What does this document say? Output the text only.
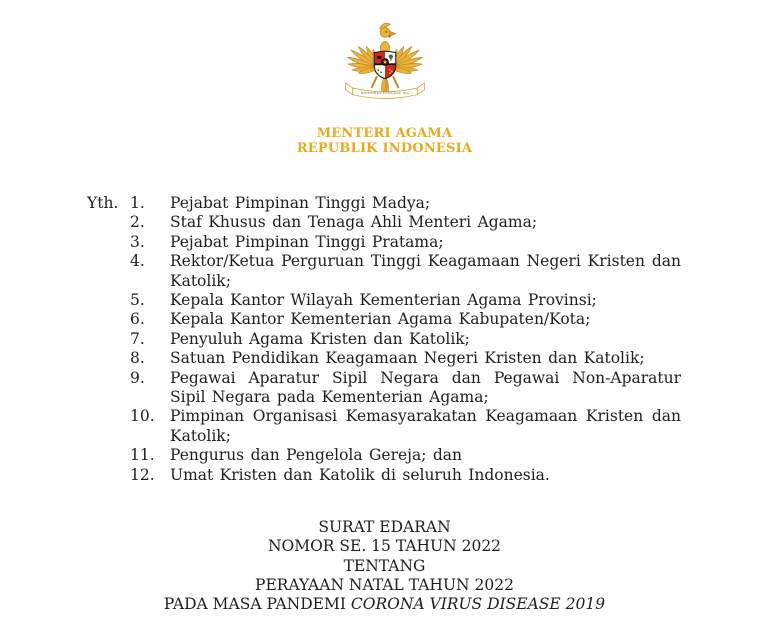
BHINNEKA TUNGGAL IKA
MENTERI AGAMA
REPUBLIK INDONESIA
Yth. 1.	Pejabat Pimpinan Tinggi Madya;
2.	Staf Khusus dan Tenaga Ahli Menteri Agama;
3.	Pejabat Pimpinan Tinggi Pratama;
4.	Rektor/Ketua Perguruan Tinggi Keagamaan Negeri Kristen dan Katolik;
5.	Kepala Kantor Wilayah Kementerian Agama Provinsi;
6.	Kepala Kantor Kementerian Agama Kabupaten/Kota;
7.	Penyuluh Agama Kristen dan Katolik;
8.	Satuan Pendidikan Keagamaan Negeri Kristen dan Katolik;
9.	Pegawai Aparatur Sipil Negara dan Pegawai Non-Aparatur Sipil Negara pada Kementerian Agama;
10. Pimpinan Organisasi Kemasyarakatan Keagamaan Kristen dan Katolik;
11. Pengurus dan Pengelola Gereja; dan
12. Umat Kristen dan Katolik di seluruh Indonesia.
SURAT EDARAN
NOMOR SE. 15 TAHUN 2022
TENTANG
PERAYAAN NATAL TAHUN 2022
PADA MASA PANDEMI CORONA VIRUS DISEASE 2019
